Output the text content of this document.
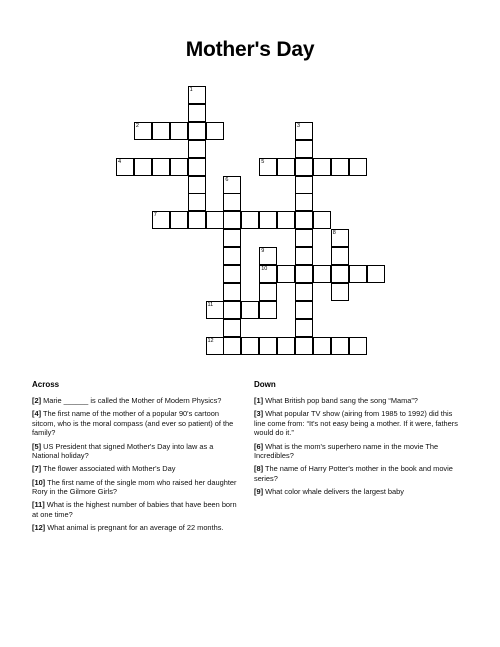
Mother's Day
1
2	3
4	5
6
7
8
9
10
11
12
Across
[2] Marie ______ is called the Mother of Modern Physics?
[4] The first name of the mother of a popular 90's cartoon sitcom, who is the moral compass (and ever so patient) of the family?
[5] US President that signed Mother's Day into law as a National holiday?
[7] The flower associated with Mother's Day
[10] The first name of the single mom who raised her daughter Rory in the Gilmore Girls?
[11] What is the highest number of babies that have been born at one time?
[12] What animal is pregnant for an average of 22 months.
Down
[1] What British pop band sang the song “Mama”?
[3] What popular TV show (airing from 1985 to 1992) did this line come from: “It's not easy being a mother. If it were, fathers would do it.”
[6] What is the mom's superhero name in the movie The Incredibles?
[8] The name of Harry Potter's mother in the book and movie series?
[9] What color whale delivers the largest baby
